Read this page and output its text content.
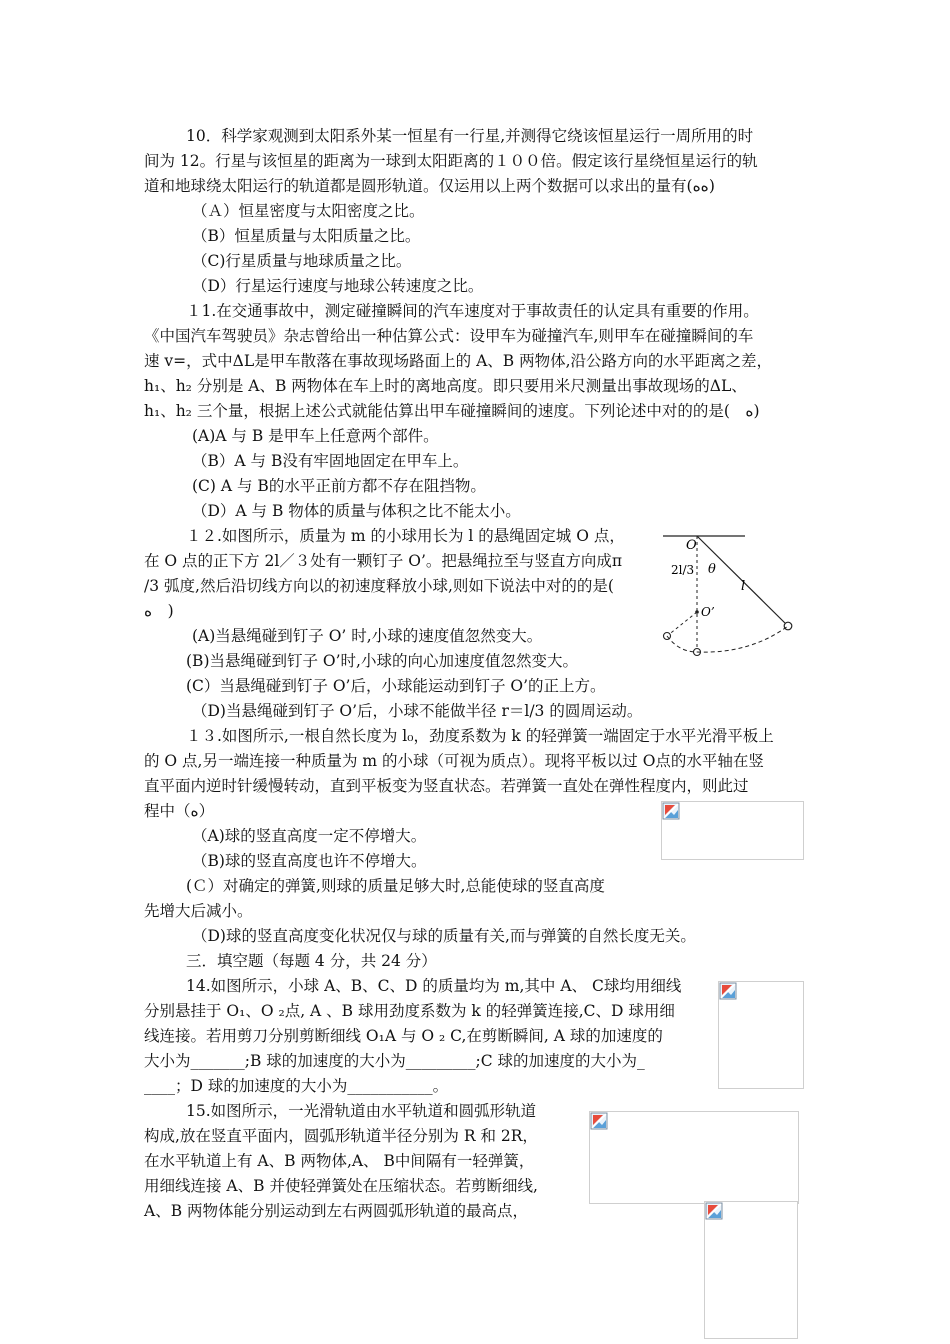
10．科学家观测到太阳系外某一恒星有一行星,并测得它绕该恒星运行一周所用的时

间为 12。行星与该恒星的距离为一球到太阳距离的１００倍。假定该行星绕恒星运行的轨

道和地球绕太阳运行的轨道都是圆形轨道。仅运用以上两个数据可以求出的量有(ﻩﻩ)

（Ａ）恒星密度与太阳密度之比。

（B）恒星质量与太阳质量之比。

（C)行星质量与地球质量之比。

（D）行星运行速度与地球公转速度之比。

１1.在交通事故中，测定碰撞瞬间的汽车速度对于事故责任的认定具有重要的作用。

《中国汽车驾驶员》杂志曾给出一种估算公式：设甲车为碰撞汽车,则甲车在碰撞瞬间的车

速 v=，式中ΔL是甲车散落在事故现场路面上的 A、B 两物体,沿公路方向的水平距离之差，

h₁、h₂ 分别是 A、B 两物体在车上时的离地高度。即只要用米尺测量出事故现场的ΔL、

h₁、h₂ 三个量，根据上述公式就能估算出甲车碰撞瞬间的速度。下列论述中对的的是(　ﻩ)

(A)A 与 B 是甲车上任意两个部件。

（B）A 与 B没有牢固地固定在甲车上。

(C) A 与 B的水平正前方都不存在阻挡物。

（D）A 与 B 物体的质量与体积之比不能太小。

１２.如图所示，质量为 m 的小球用长为 l 的悬绳固定城 O 点，

在 O 点的正下方 2l／３处有一颗钉子 O’。把悬绳拉至与竖直方向成π

/3 弧度,然后沿切线方向以的初速度释放小球,则如下说法中对的的是(

ﻩ　)

(A)当悬绳碰到钉子 O’ 时,小球的速度值忽然变大。

(B)当悬绳碰到钉子 O’时,小球的向心加速度值忽然变大。

(C）当悬绳碰到钉子 O’后，小球能运动到钉子 O’的正上方。

（D)当悬绳碰到钉子 O’后，小球不能做半径 r＝l/3 的圆周运动。

O
2l/3 θ
l
O’

１３.如图所示,一根自然长度为 l₀，劲度系数为 k 的轻弹簧一端固定于水平光滑平板上

的 O 点,另一端连接一种质量为 m 的小球（可视为质点）。现将平板以过 O点的水平轴在竖

直平面内逆时针缓慢转动，直到平板变为竖直状态。若弹簧一直处在弹性程度内，则此过

程中（ﻩ）

（A)球的竖直高度一定不停增大。

（B)球的竖直高度也许不停增大。

(Ｃ）对确定的弹簧,则球的质量足够大时,总能使球的竖直高度

先增大后减小。

（D)球的竖直高度变化状况仅与球的质量有关,而与弹簧的自然长度无关。

三．填空题（每题 4 分，共 24 分）

14.如图所示，小球 A、B、C、D 的质量均为 m,其中 A、 C球均用细线

分别悬挂于 O₁、O ₂点, A 、B 球用劲度系数为 k 的轻弹簧连接,C、D 球用细

线连接。若用剪刀分别剪断细线 O₁A 与 O ₂ C,在剪断瞬间, A 球的加速度的

大小为_______;B 球的加速度的大小为_________;C 球的加速度的大小为_

____；D 球的加速度的大小为___________。

15.如图所示，一光滑轨道由水平轨道和圆弧形轨道

构成,放在竖直平面内，圆弧形轨道半径分别为 R 和 2R，

在水平轨道上有 A、B 两物体,A、 B中间隔有一轻弹簧，

用细线连接 A、B 并使轻弹簧处在压缩状态。若剪断细线,

A、B 两物体能分别运动到左右两圆弧形轨道的最高点，
